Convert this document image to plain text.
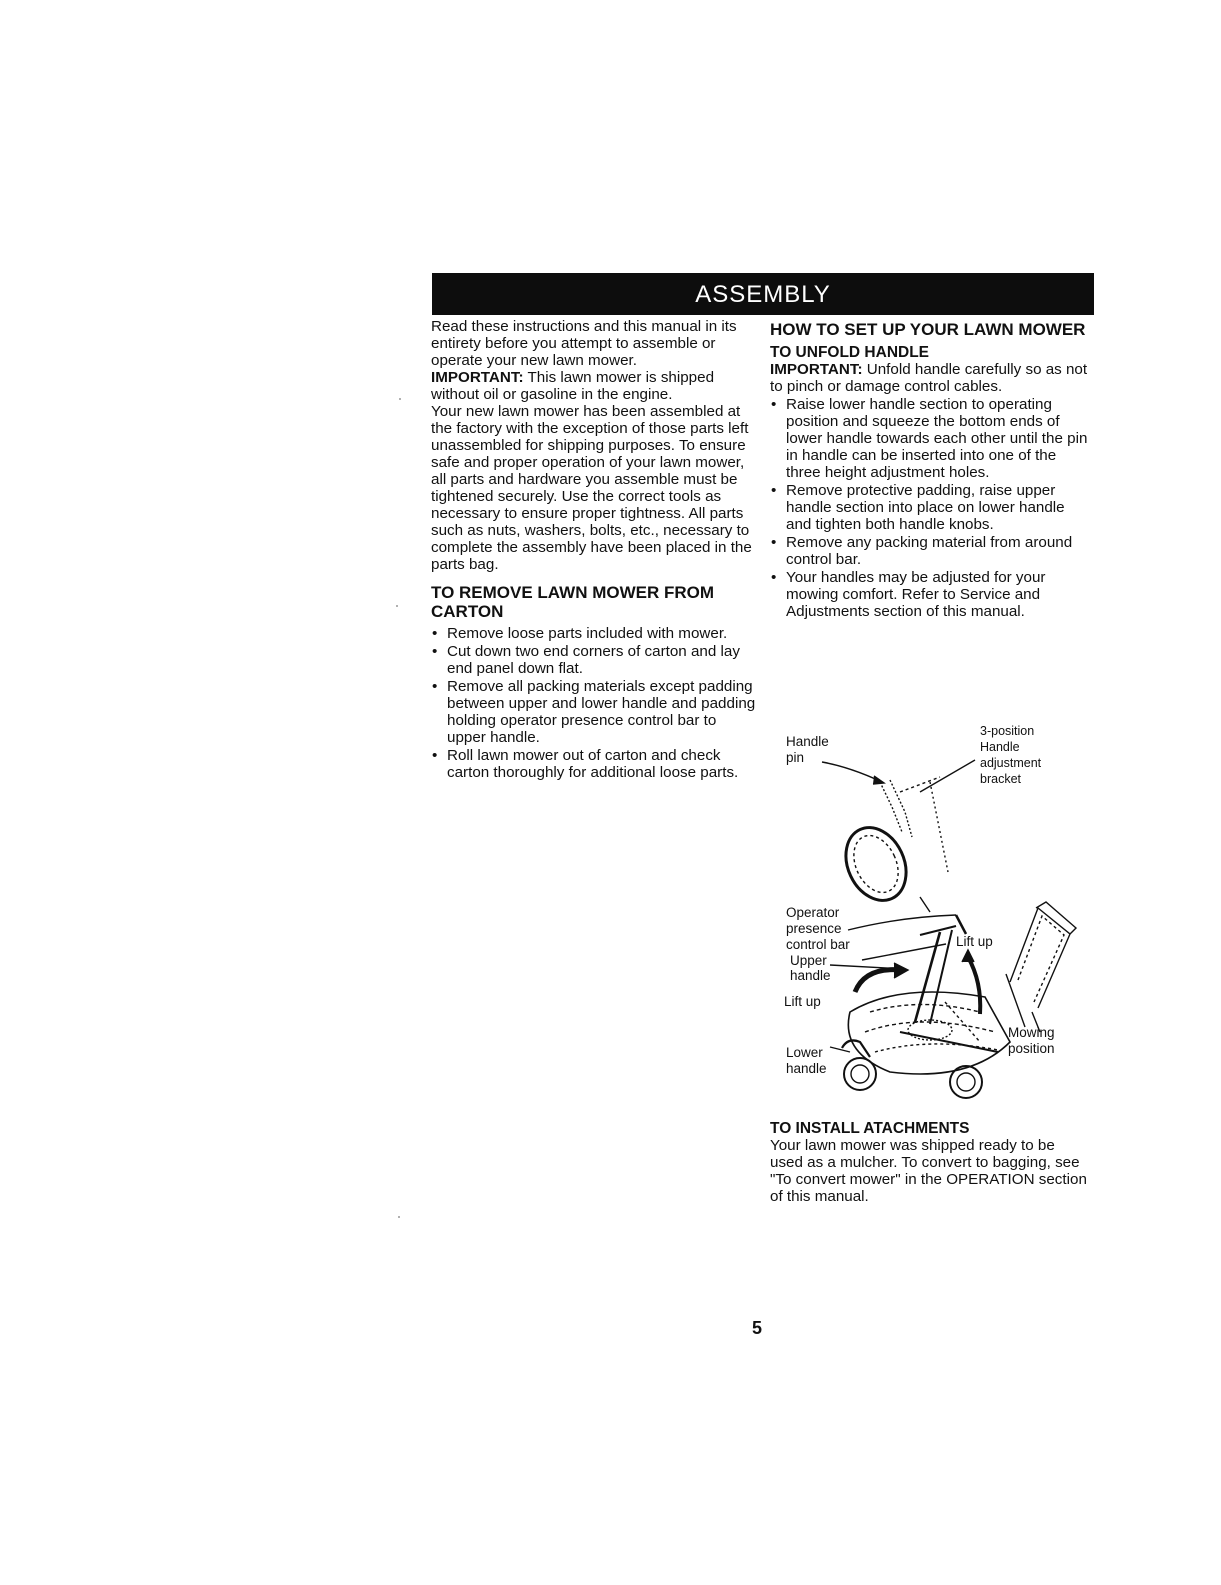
ASSEMBLY

Read these instructions and this manual in its entirety before you attempt to assemble or operate your new lawn mower.

IMPORTANT: This lawn mower is shipped without oil or gasoline in the engine.

Your new lawn mower has been assembled at the factory with the exception of those parts left unassembled for shipping purposes. To ensure safe and proper operation of your lawn mower, all parts and hardware you assemble must be tightened securely. Use the correct tools as necessary to ensure proper tightness. All parts such as nuts, washers, bolts, etc., necessary to complete the assembly have been placed in the parts bag.

TO REMOVE LAWN MOWER FROM CARTON
• Remove loose parts included with mower.
• Cut down two end corners of carton and lay end panel down flat.
• Remove all packing materials except padding between upper and lower handle and padding holding operator presence control bar to upper handle.
• Roll lawn mower out of carton and check carton thoroughly for additional loose parts.
HOW TO SET UP YOUR LAWN MOWER
TO UNFOLD HANDLE

IMPORTANT: Unfold handle carefully so as not to pinch or damage control cables.

• Raise lower handle section to operating position and squeeze the bottom ends of lower handle towards each other until the pin in handle can be inserted into one of the three height adjustment holes.
• Remove protective padding, raise upper handle section into place on lower handle and tighten both handle knobs.
• Remove any packing material from around control bar.
• Your handles may be adjusted for your mowing comfort. Refer to Service and Adjustments section of this manual.
Handle
pin
3-position
Handle
adjustment
bracket
Operator
presence
control bar	Lift up
Upper
handle
Lift up
Mowing
position
Lower
handle
TO INSTALL ATACHMENTS

Your lawn mower was shipped ready to be used as a mulcher. To convert to bagging, see "To convert mower" in the OPERATION section of this manual.

5
